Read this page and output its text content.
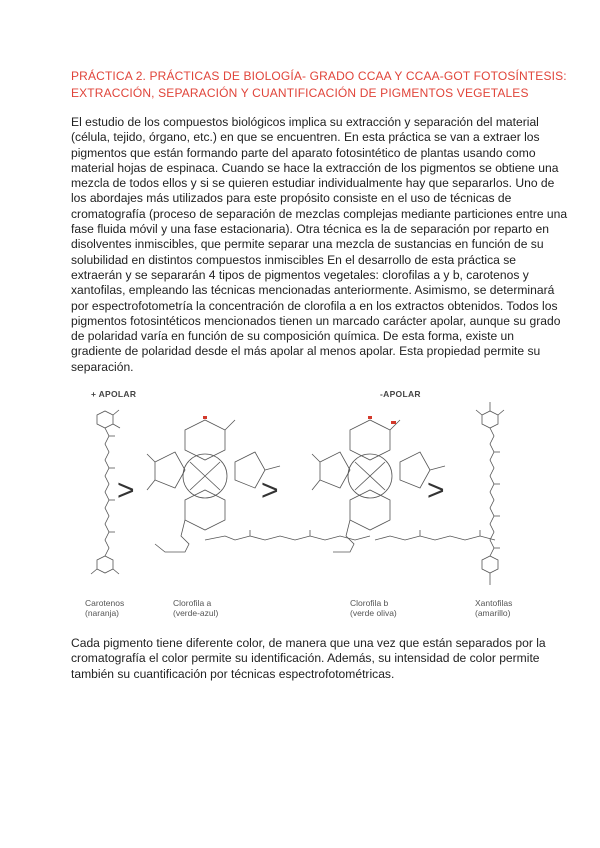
PRÁCTICA 2. PRÁCTICAS DE BIOLOGÍA- GRADO CCAA Y CCAA-GOT FOTOSÍNTESIS:
EXTRACCIÓN, SEPARACIÓN Y CUANTIFICACIÓN DE PIGMENTOS VEGETALES
El estudio de los compuestos biológicos implica su extracción y separación del material
(célula, tejido, órgano, etc.) en que se encuentren. En esta práctica se van a extraer los
pigmentos que están formando parte del aparato fotosintético de plantas usando como
material hojas de espinaca. Cuando se hace la extracción de los pigmentos se obtiene una
mezcla de todos ellos y si se quieren estudiar individualmente hay que separarlos. Uno de
los abordajes más utilizados para este propósito consiste en el uso de técnicas de
cromatografía (proceso de separación de mezclas complejas mediante particiones entre una
fase fluida móvil y una fase estacionaria). Otra técnica es la de separación por reparto en
disolventes inmiscibles, que permite separar una mezcla de sustancias en función de su
solubilidad en distintos compuestos inmiscibles En el desarrollo de esta práctica se
extraerán y se separarán 4 tipos de pigmentos vegetales: clorofilas a y b, carotenos y
xantofilas, empleando las técnicas mencionadas anteriormente. Asimismo, se determinará
por espectrofotometría la concentración de clorofila a en los extractos obtenidos. Todos los
pigmentos fotosintéticos mencionados tienen un marcado carácter apolar, aunque su grado
de polaridad varía en función de su composición química. De esta forma, existe un
gradiente de polaridad desde el más apolar al menos apolar. Esta propiedad permite su
separación.
+ APOLAR	-APOLAR
>	>	>
Carotenos
(naranja)
Clorofila a
(verde-azul)
Clorofila b
(verde oliva)
Xantofilas
(amarillo)
Cada pigmento tiene diferente color, de manera que una vez que están separados por la
cromatografía el color permite su identificación. Además, su intensidad de color permite
también su cuantificación por técnicas espectrofotométricas.
